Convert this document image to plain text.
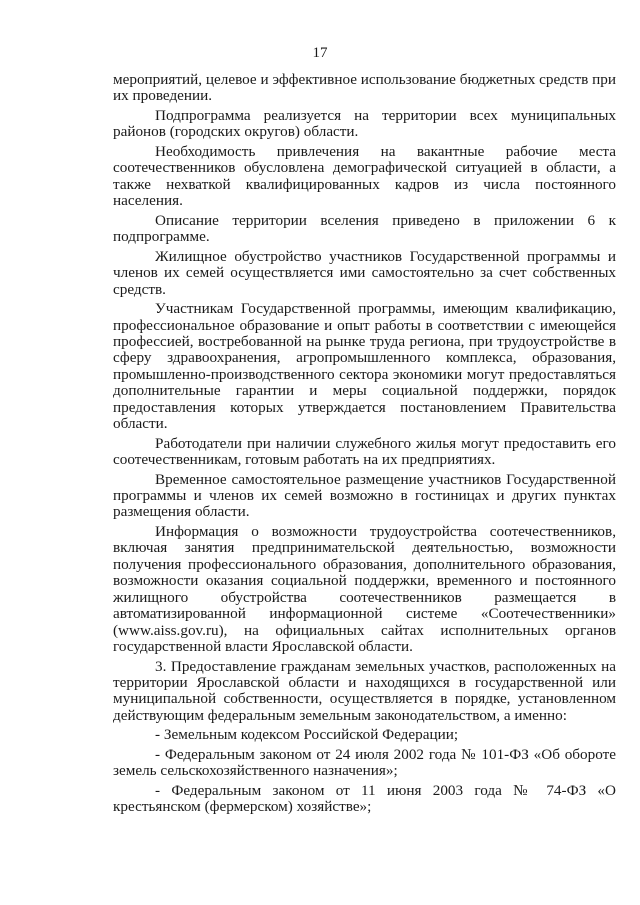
17

мероприятий, целевое и эффективное использование бюджетных средств при их проведении.

Подпрограмма реализуется на территории всех муниципальных районов (городских округов) области.

Необходимость привлечения на вакантные рабочие места соотечественников обусловлена демографической ситуацией в области, а также нехваткой квалифицированных кадров из числа постоянного населения.

Описание территории вселения приведено в приложении 6 к подпрограмме.

Жилищное обустройство участников Государственной программы и членов их семей осуществляется ими самостоятельно за счет собственных средств.

Участникам Государственной программы, имеющим квалификацию, профессиональное образование и опыт работы в соответствии с имеющейся профессией, востребованной на рынке труда региона, при трудоустройстве в сферу здравоохранения, агропромышленного комплекса, образования, промышленно-производственного сектора экономики могут предоставляться дополнительные гарантии и меры социальной поддержки, порядок предоставления которых утверждается постановлением Правительства области.

Работодатели при наличии служебного жилья могут предоставить его соотечественникам, готовым работать на их предприятиях.

Временное самостоятельное размещение участников Государственной программы и членов их семей возможно в гостиницах и других пунктах размещения области.

Информация о возможности трудоустройства соотечественников, включая занятия предпринимательской деятельностью, возможности получения профессионального образования, дополнительного образования, возможности оказания социальной поддержки, временного и постоянного жилищного обустройства соотечественников размещается в автоматизированной информационной системе «Соотечественники» (www.aiss.gov.ru), на официальных сайтах исполнительных органов государственной власти Ярославской области.

3. Предоставление гражданам земельных участков, расположенных на территории Ярославской области и находящихся в государственной или муниципальной собственности, осуществляется в порядке, установленном действующим федеральным земельным законодательством, а именно:

- Земельным кодексом Российской Федерации;

- Федеральным законом от 24 июля 2002 года № 101-ФЗ «Об обороте земель сельскохозяйственного назначения»;

- Федеральным законом от 11 июня 2003 года № 74-ФЗ «О крестьянском (фермерском) хозяйстве»;
